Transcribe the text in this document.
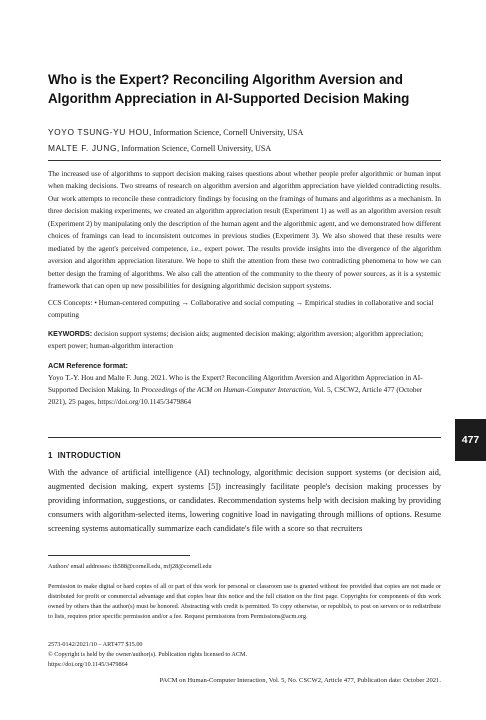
Who is the Expert? Reconciling Algorithm Aversion and Algorithm Appreciation in AI-Supported Decision Making
YOYO TSUNG-YU HOU, Information Science, Cornell University, USA
MALTE F. JUNG, Information Science, Cornell University, USA

The increased use of algorithms to support decision making raises questions about whether people prefer algorithmic or human input when making decisions. Two streams of research on algorithm aversion and algorithm appreciation have yielded contradicting results. Our work attempts to reconcile these contradictory findings by focusing on the framings of humans and algorithms as a mechanism. In three decision making experiments, we created an algorithm appreciation result (Experiment 1) as well as an algorithm aversion result (Experiment 2) by manipulating only the description of the human agent and the algorithmic agent, and we demonstrated how different choices of framings can lead to inconsistent outcomes in previous studies (Experiment 3). We also showed that these results were mediated by the agent's perceived competence, i.e., expert power. The results provide insights into the divergence of the algorithm aversion and algorithm appreciation literature. We hope to shift the attention from these two contradicting phenomena to how we can better design the framing of algorithms. We also call the attention of the community to the theory of power sources, as it is a systemic framework that can open up new possibilities for designing algorithmic decision support systems.

CCS Concepts: • Human-centered computing → Collaborative and social computing → Empirical studies in collaborative and social computing

KEYWORDS: decision support systems; decision aids; augmented decision making; algorithm aversion; algorithm appreciation; expert power; human-algorithm interaction

ACM Reference format:

Yoyo T.-Y. Hou and Malte F. Jung. 2021. Who is the Expert? Reconciling Algorithm Aversion and Algorithm Appreciation in AI-Supported Decision Making. In Proceedings of the ACM on Human-Computer Interaction, Vol. 5, CSCW2, Article 477 (October 2021), 25 pages, https://doi.org/10.1145/3479864

1 INTRODUCTION

With the advance of artificial intelligence (AI) technology, algorithmic decision support systems (or decision aid, augmented decision making, expert systems [5]) increasingly facilitate people's decision making processes by providing information, suggestions, or candidates. Recommendation systems help with decision making by providing consumers with algorithm-selected items, lowering cognitive load in navigating through millions of options. Resume screening systems automatically summarize each candidate's file with a score so that recruiters

Authors' email addresses: th588@cornell.edu, mfj28@cornell.edu

Permission to make digital or hard copies of all or part of this work for personal or classroom use is granted without fee provided that copies are not made or distributed for profit or commercial advantage and that copies bear this notice and the full citation on the first page. Copyrights for components of this work owned by others than the author(s) must be honored. Abstracting with credit is permitted. To copy otherwise, or republish, to post on servers or to redistribute to lists, requires prior specific permission and/or a fee. Request permissions from Permissions@acm.org.

2573-0142/2021/10 – ART477 $15.00
© Copyright is held by the owner/author(s). Publication rights licensed to ACM.
https://doi.org/10.1145/3479864
PACM on Human-Computer Interaction, Vol. 5, No. CSCW2, Article 477, Publication date: October 2021.
477
